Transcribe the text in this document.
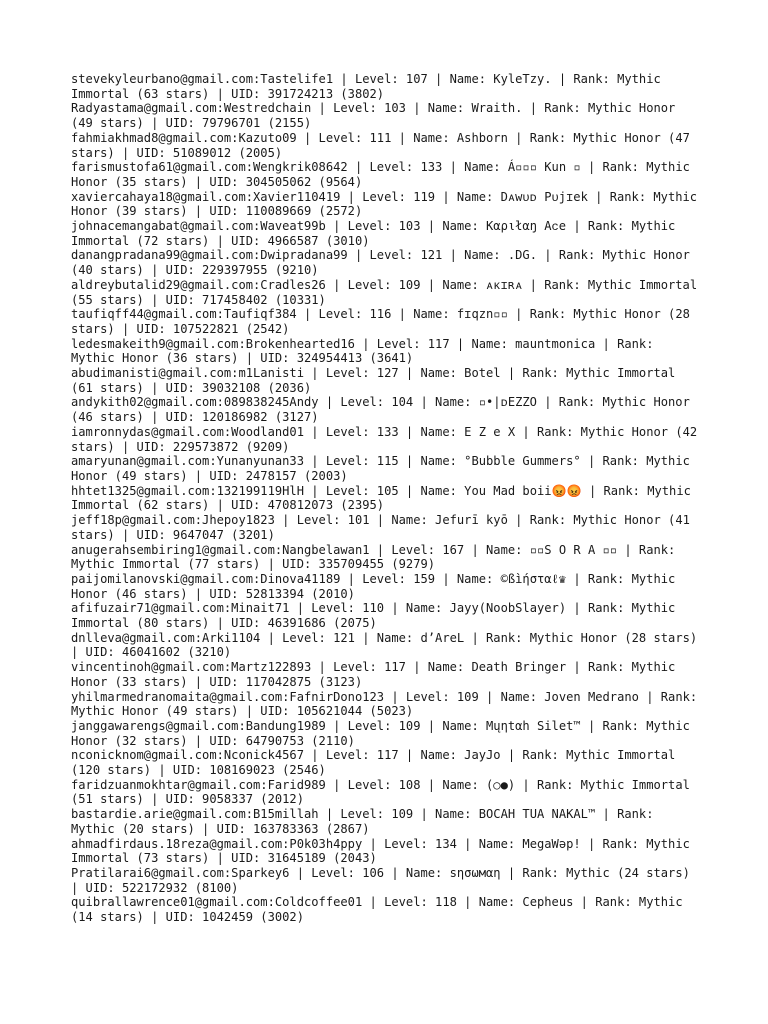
stevekyleurbano@gmail.com:Tastelife1 | Level: 107 | Name: KyleTzy. | Rank: Mythic Immortal (63 stars) | UID: 391724213 (3802)

Radyastama@gmail.com:Westredchain | Level: 103 | Name: Wraith. | Rank: Mythic Honor (49 stars) | UID: 79796701 (2155)

fahmiakhmad8@gmail.com:Kazuto09 | Level: 111 | Name: Ashborn | Rank: Mythic Honor (47 stars) | UID: 51089012 (2005)

farismustofa61@gmail.com:Wengkrik08642 | Level: 133 | Name: Á▫▫▫ Kun ▫ | Rank: Mythic Honor (35 stars) | UID: 304505062 (9564)

xaviercahaya18@gmail.com:Xavier110419 | Level: 119 | Name: Dᴀwᴜᴅ Pᴜjɪek | Rank: Mythic Honor (39 stars) | UID: 110089669 (2572)

johnacemangabat@gmail.com:Waveat99b | Level: 103 | Name: Kαριłαŋ Aᴄe | Rank: Mythic Immortal (72 stars) | UID: 4966587 (3010)

danangpradana99@gmail.com:Dwipradana99 | Level: 121 | Name: .DG. | Rank: Mythic Honor (40 stars) | UID: 229397955 (9210)

aldreybutalid29@gmail.com:Cradles26 | Level: 109 | Name: ᴀᴋɪʀᴀ | Rank: Mythic Immortal (55 stars) | UID: 717458402 (10331)

taufiqff44@gmail.com:Taufiqf384 | Level: 116 | Name: fɪqzn▫▫ | Rank: Mythic Honor (28 stars) | UID: 107522821 (2542)

ledesmakeith9@gmail.com:Brokenhearted16 | Level: 117 | Name: mauntmonica | Rank: Mythic Honor (36 stars) | UID: 324954413 (3641)

abudimanisti@gmail.com:m1Lanisti | Level: 127 | Name: Botel | Rank: Mythic Immortal (61 stars) | UID: 39032108 (2036)

andykith02@gmail.com:089838245Andy | Level: 104 | Name: ▫•|ᴅEZZO | Rank: Mythic Honor (46 stars) | UID: 120186982 (3127)

iamronnydas@gmail.com:Woodland01 | Level: 133 | Name: E Z e X | Rank: Mythic Honor (42 stars) | UID: 229573872 (9209)

amaryunan@gmail.com:Yunanyunan33 | Level: 115 | Name: °Bubble Gummers° | Rank: Mythic Honor (49 stars) | UID: 2478157 (2003)

hhtet1325@gmail.com:132199119HlH | Level: 105 | Name: You Mad boii😡😡 | Rank: Mythic Immortal (62 stars) | UID: 470812073 (2395)

jeff18p@gmail.com:Jhepoy1823 | Level: 101 | Name: Jefurī kyō | Rank: Mythic Honor (41 stars) | UID: 9647047 (3201)

anugerahsembiring1@gmail.com:Nangbelawan1 | Level: 167 | Name: ▫▫S O R A ▫▫ | Rank: Mythic Immortal (77 stars) | UID: 335709455 (9279)

paijomilanovski@gmail.com:Dinova41189 | Level: 159 | Name: ©ßìήσταℓ♛ | Rank: Mythic Honor (46 stars) | UID: 52813394 (2010)

afifuzair71@gmail.com:Minait71 | Level: 110 | Name: Jayy(NoobSlayer) | Rank: Mythic Immortal (80 stars) | UID: 46391686 (2075)

dnlleva@gmail.com:Arki1104 | Level: 121 | Name: d’AreL | Rank: Mythic Honor (28 stars) | UID: 46041602 (3210)

vincentinoh@gmail.com:Martz122893 | Level: 117 | Name: Death Bringer | Rank: Mythic Honor (33 stars) | UID: 117042875 (3123)

yhilmarmedranomaita@gmail.com:FafnirDono123 | Level: 109 | Name: Joven Medrano | Rank: Mythic Honor (49 stars) | UID: 105621044 (5023)

janggawarengs@gmail.com:Bandung1989 | Level: 109 | Name: Mųηtαh Silet™ | Rank: Mythic Honor (32 stars) | UID: 64790753 (2110)

nconicknom@gmail.com:Nconick4567 | Level: 117 | Name: JayJo | Rank: Mythic Immortal (120 stars) | UID: 108169023 (2546)

faridzuanmokhtar@gmail.com:Farid989 | Level: 108 | Name: (○●) | Rank: Mythic Immortal (51 stars) | UID: 9058337 (2012)

bastardie.arie@gmail.com:B15millah | Level: 109 | Name: BOCAH TUA NAKAL™ | Rank: Mythic (20 stars) | UID: 163783363 (2867)

ahmadfirdaus.18reza@gmail.com:P0k03h4ppy | Level: 134 | Name: MegaWəp! | Rank: Mythic Immortal (73 stars) | UID: 31645189 (2043)

Pratilarai6@gmail.com:Sparkey6 | Level: 106 | Name: ѕησωмαη | Rank: Mythic (24 stars) | UID: 522172932 (8100)

quibrallawrence01@gmail.com:Coldcoffee01 | Level: 118 | Name: Cepheus | Rank: Mythic (14 stars) | UID: 1042459 (3002)
